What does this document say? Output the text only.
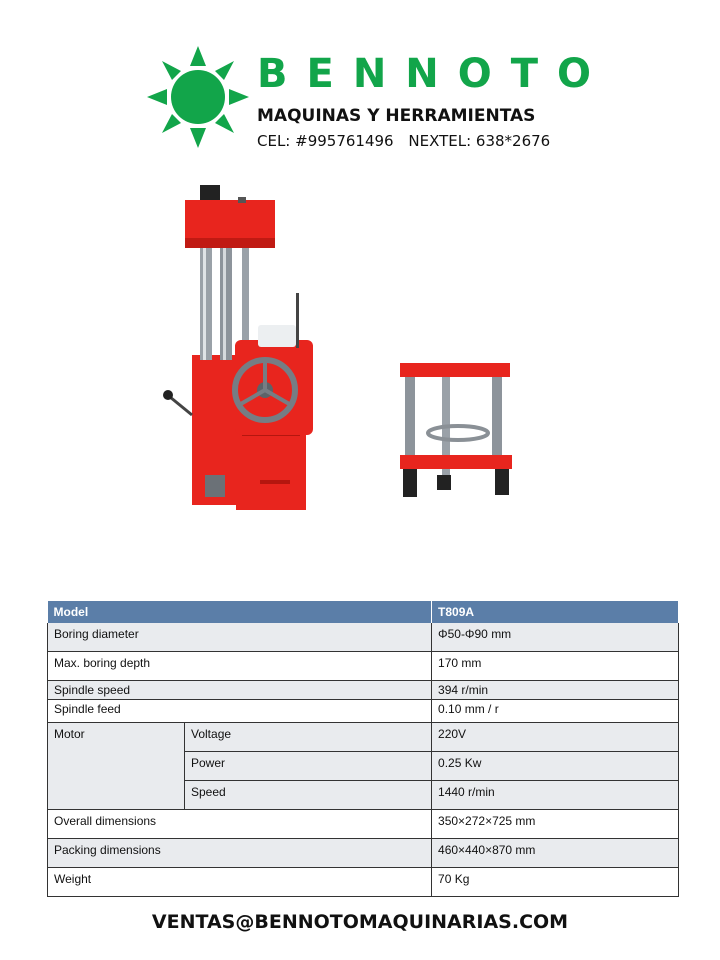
BENNOTO
MAQUINAS Y HERRAMIENTAS
CEL: #995761496 NEXTEL: 638*2676
Model		T809A
Boring diameter		Φ50-Φ90 mm
Max. boring depth		170 mm
Spindle speed		394 r/min
Spindle feed		0.10 mm / r
Motor	Voltage	220V
	Power	0.25 Kw
	Speed	1440 r/min
Overall dimensions		350×272×725 mm
Packing dimensions		460×440×870 mm
Weight		70 Kg
VENTAS@BENNOTOMAQUINARIAS.COM
